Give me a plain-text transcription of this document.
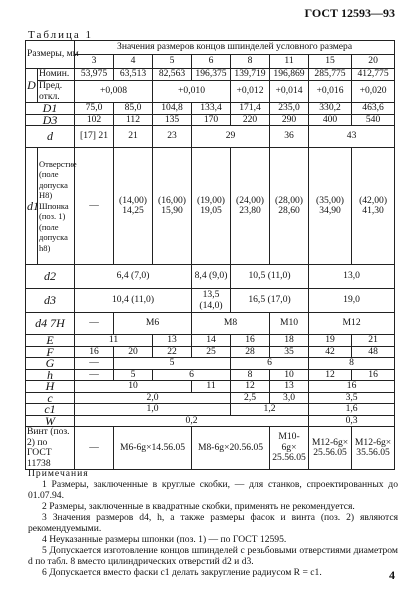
ГОСТ 12593—93
Таблица 1
Размеры, мм		Значения размеров концов шпинделей условного размера							
		3	4	5	6	8	11	15	20
D	Номин.	53,975	63,513	82,563	196,375	139,719	196,869	285,775	412,775
	Пред. откл.	+0,008		+0,010		+0,012	+0,014	+0,016	+0,020
D1		75,0	85,0	104,8	133,4	171,4	235,0	330,2	463,6
D3		102	112	135	170	220	290	400	540
d		[17] 21	21	23	29		36	43	
d1	Отверстие (поле допуска H8) Шпонка (поз. 1) (поле допуска h8)	—	(14,00) 14,25	(16,00) 15,90	(19,00) 19,05	(24,00) 23,80	(28,00) 28,60	(35,00) 34,90	(42,00) 41,30
d2		6,4 (7,0)			8,4 (9,0)	10,5 (11,0)		13,0	
d3		10,4 (11,0)			13,5 (14,0)	16,5 (17,0)		19,0	
d4 7H		—	M6		M8		M10	M12	
E		11		13	14	16	18	19	21
F		16	20	22	25	28	35	42	48
G		—	5			6		8	
h		—	5	6		8	10	12	16
H		10			11	12	13	16	
c		2,0				2,5	3,0	3,5	
c1		1,0				1,2		1,6	
W		0,2						0,3	
Винт (поз. 2) по ГОСТ 11738		—	M6-6g×14.56.05		M8-6g×20.56.05		M10-6g× 25.56.05	M12-6g× 25.56.05	M12-6g× 35.56.05
Примечания

1 Размеры, заключенные в круглые скобки, — для станков, спроектированных до 01.07.94.

2 Размеры, заключенные в квадратные скобки, применять не рекомендуется.

3 Значения размеров d4, h, а также размеры фасок и винта (поз. 2) являются рекомендуемыми.

4 Неуказанные размеры шпонки (поз. 1) — по ГОСТ 12595.

5 Допускается изготовление концов шпинделей с резьбовыми отверстиями диаметром d по табл. 8 вместо цилиндрических отверстий d2 и d3.

6 Допускается вместо фаски c1 делать закругление радиусом R = c1.	4
